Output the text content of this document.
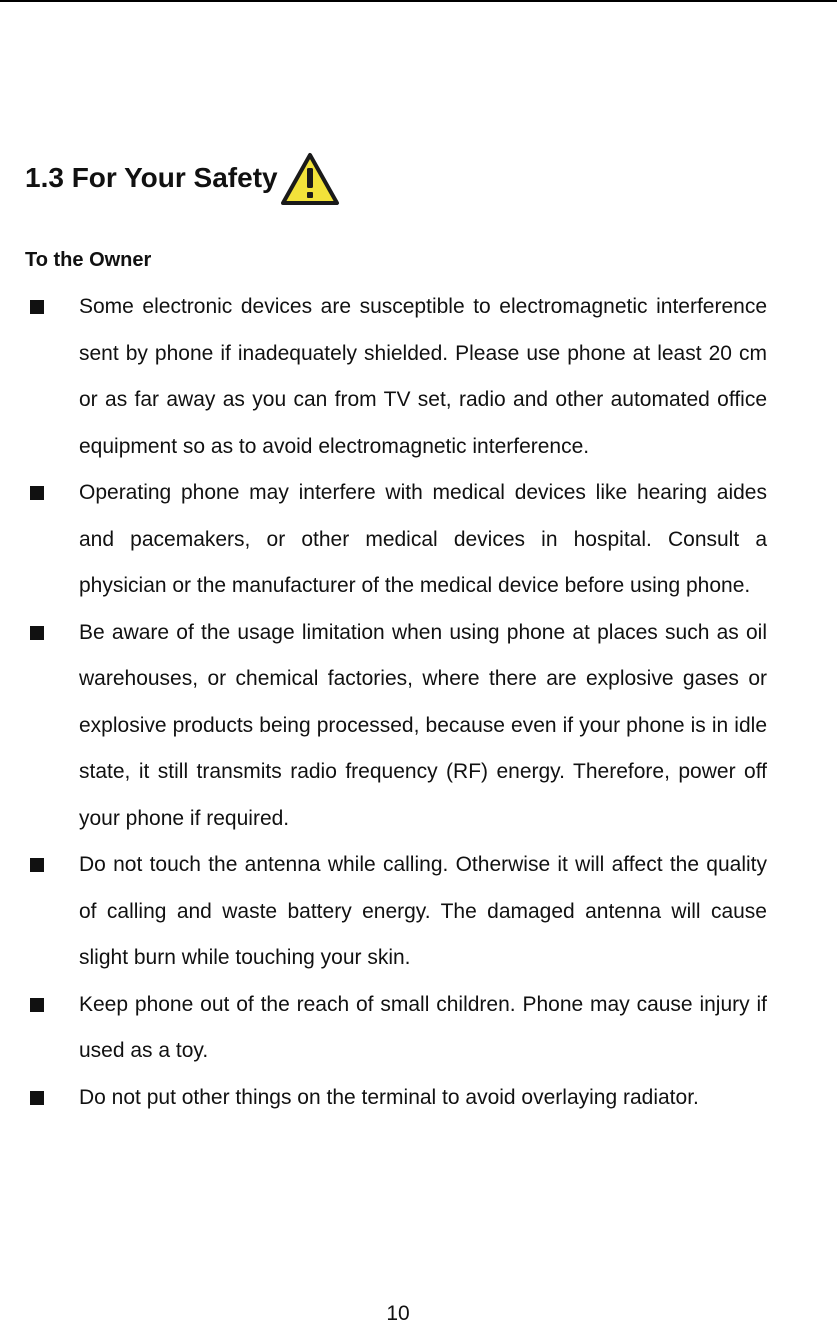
1.3 For Your Safety
To the Owner
Some electronic devices are susceptible to electromagnetic interference sent by phone if inadequately shielded. Please use phone at least 20 cm or as far away as you can from TV set, radio and other automated office equipment so as to avoid electromagnetic interference.
Operating phone may interfere with medical devices like hearing aides and pacemakers, or other medical devices in hospital. Consult a physician or the manufacturer of the medical device before using phone.
Be aware of the usage limitation when using phone at places such as oil warehouses, or chemical factories, where there are explosive gases or explosive products being processed, because even if your phone is in idle state, it still transmits radio frequency (RF) energy. Therefore, power off your phone if required.
Do not touch the antenna while calling. Otherwise it will affect the quality of calling and waste battery energy. The damaged antenna will cause slight burn while touching your skin.
Keep phone out of the reach of small children. Phone may cause injury if used as a toy.
Do not put other things on the terminal to avoid overlaying radiator.
10
